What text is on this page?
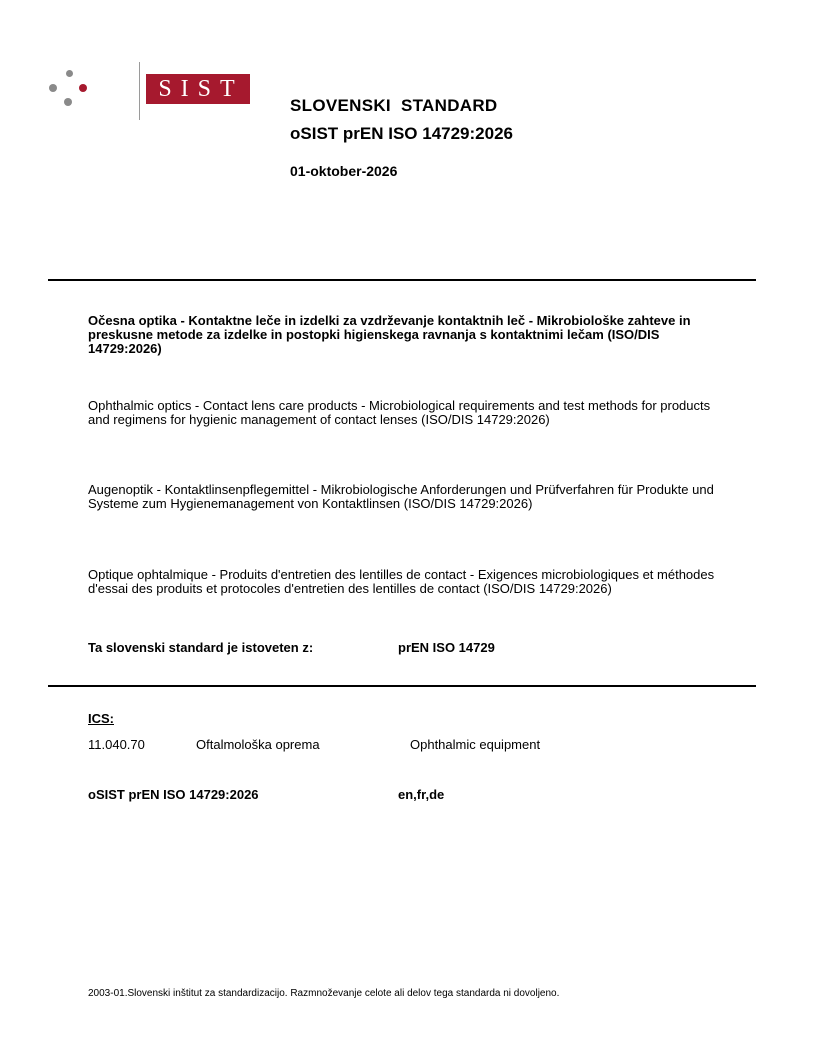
SIST
SLOVENSKI  STANDARD
oSIST prEN ISO 14729:2026
01-oktober-2026
Očesna optika - Kontaktne leče in izdelki za vzdrževanje kontaktnih leč - Mikrobiološke zahteve in preskusne metode za izdelke in postopki higienskega ravnanja s kontaktnimi lečam (ISO/DIS 14729:2026)
Ophthalmic optics - Contact lens care products - Microbiological requirements and test methods for products and regimens for hygienic management of contact lenses (ISO/DIS 14729:2026)
Augenoptik - Kontaktlinsenpflegemittel - Mikrobiologische Anforderungen und Prüfverfahren für Produkte und Systeme zum Hygienemanagement von Kontaktlinsen (ISO/DIS 14729:2026)
Optique ophtalmique - Produits d'entretien des lentilles de contact - Exigences microbiologiques et méthodes d'essai des produits et protocoles d'entretien des lentilles de contact (ISO/DIS 14729:2026)
Ta slovenski standard je istoveten z:	prEN ISO 14729
ICS:
11.040.70	Oftalmološka oprema	Ophthalmic equipment
oSIST prEN ISO 14729:2026	en,fr,de
2003-01.Slovenski inštitut za standardizacijo. Razmnoževanje celote ali delov tega standarda ni dovoljeno.
